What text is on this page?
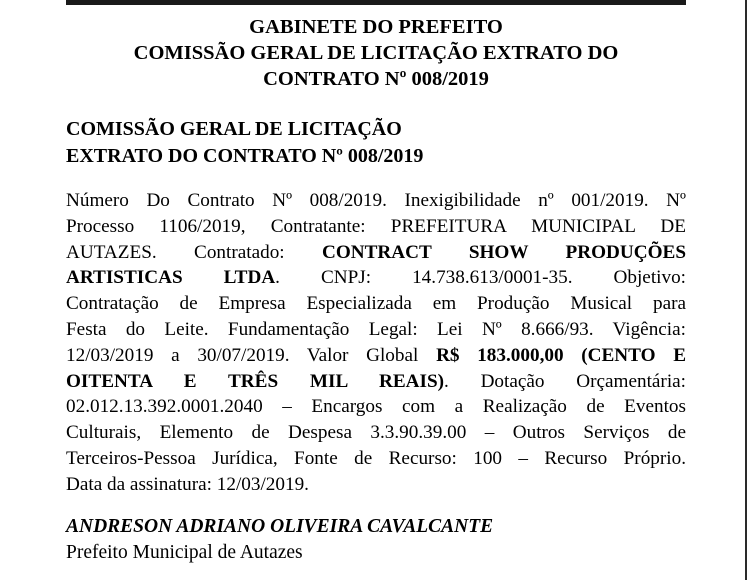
GABINETE DO PREFEITO
COMISSÃO GERAL DE LICITAÇÃO EXTRATO DO
CONTRATO Nº 008/2019
COMISSÃO GERAL DE LICITAÇÃO
EXTRATO DO CONTRATO Nº 008/2019
Número Do Contrato Nº 008/2019. Inexigibilidade nº 001/2019. Nº
Processo 1106/2019, Contratante: PREFEITURA MUNICIPAL DE
AUTAZES. Contratado: CONTRACT SHOW PRODUÇÕES
ARTISTICAS LTDA. CNPJ: 14.738.613/0001-35. Objetivo:
Contratação de Empresa Especializada em Produção Musical para
Festa do Leite. Fundamentação Legal: Lei Nº 8.666/93. Vigência:
12/03/2019 a 30/07/2019. Valor Global R$ 183.000,00 (CENTO E
OITENTA E TRÊS MIL REAIS). Dotação Orçamentária:
02.012.13.392.0001.2040 – Encargos com a Realização de Eventos
Culturais, Elemento de Despesa 3.3.90.39.00 – Outros Serviços de
Terceiros-Pessoa Jurídica, Fonte de Recurso: 100 – Recurso Próprio.
Data da assinatura: 12/03/2019.
ANDRESON ADRIANO OLIVEIRA CAVALCANTE
Prefeito Municipal de Autazes
